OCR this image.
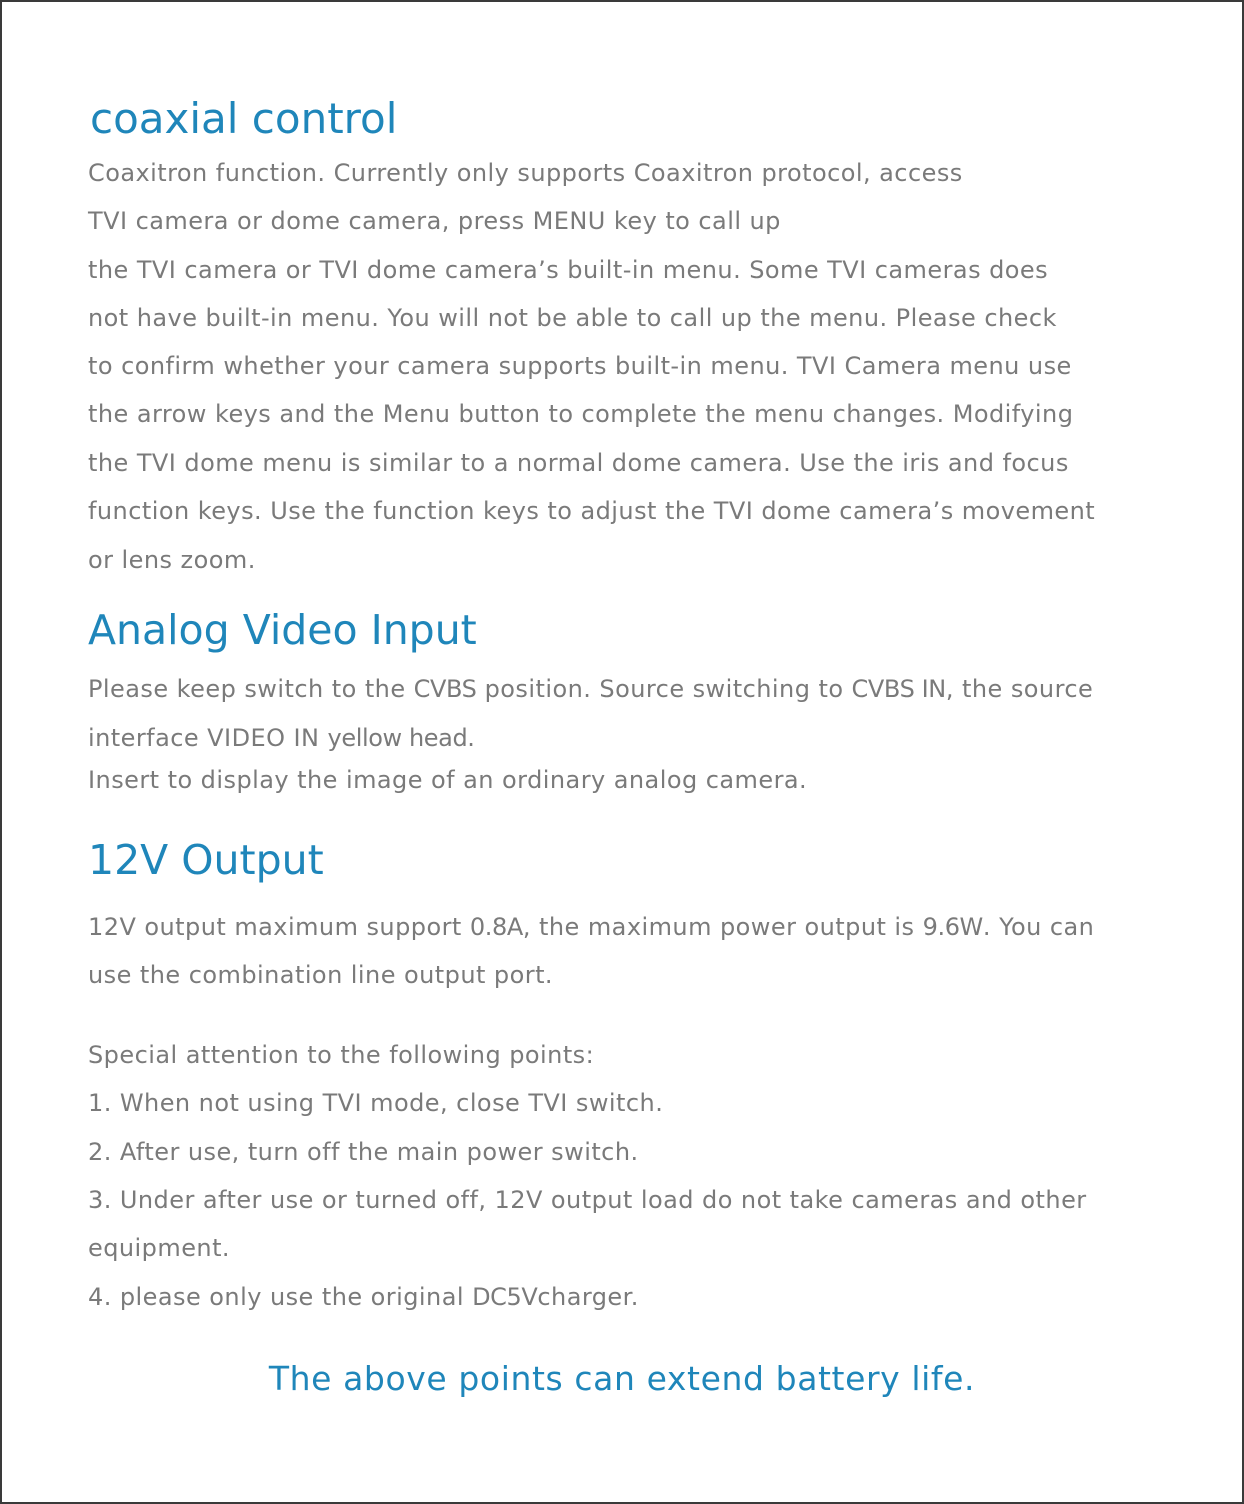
coaxial control

Coaxitron function. Currently only supports Coaxitron protocol, access

TVI camera or dome camera, press MENU key to call up

the TVI camera or TVI dome camera’s built-in menu. Some TVI cameras does

not have built-in menu. You will not be able to call up the menu. Please check

to confirm whether your camera supports built-in menu. TVI Camera menu use

the arrow keys and the Menu button to complete the menu changes. Modifying

the TVI dome menu is similar to a normal dome camera. Use the iris and focus

function keys. Use the function keys to adjust the TVI dome camera’s movement

or lens zoom.

Analog Video Input

Please keep switch to the CVBS position. Source switching to CVBS IN, the source

interface VIDEO IN yellow head.

Insert to display the image of an ordinary analog camera.

12V Output

12V output maximum support 0.8A, the maximum power output is 9.6W. You can

use the combination line output port.

Special attention to the following points:

1. When not using TVI mode, close TVI switch.

2. After use, turn off the main power switch.

3. Under after use or turned off, 12V output load do not take cameras and other

equipment.

4. please only use the original DC5Vcharger.

The above points can extend battery life.
